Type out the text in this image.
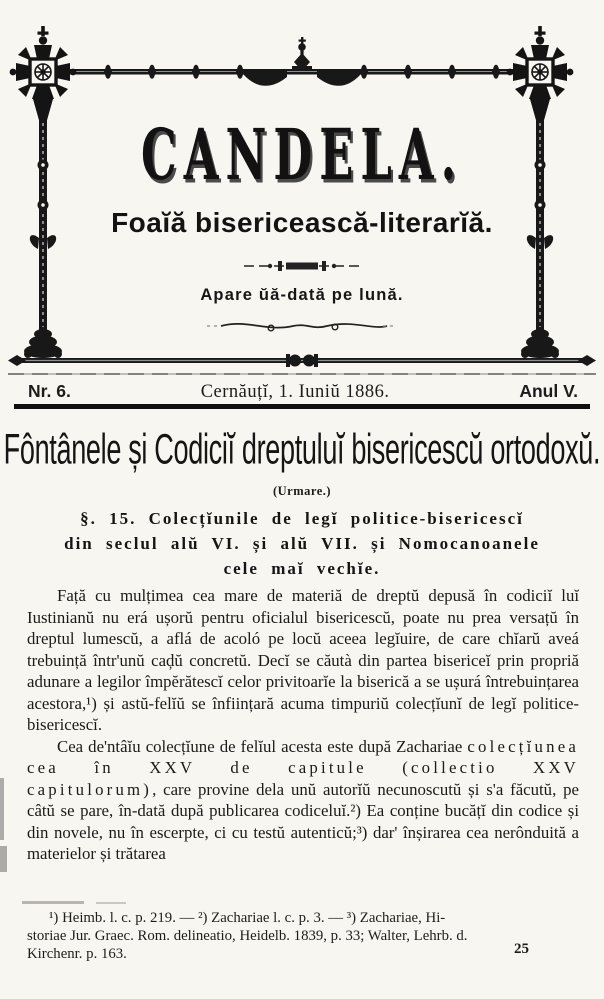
CANDELA.
Foaĭă bisericească-literarĭă.
Apare ŭă-dată pe lună.
Nr. 6.	Cernăuțĭ, 1. Iuniŭ 1886.	Anul V.
Fôntânele și Codiciĭ dreptuluĭ bisericescŭ ortodoxŭ.
(Urmare.)
§. 15. Colecțĭunile de legĭ politice-bisericescĭ
din seclul alŭ VI. și alŭ VII. și Nomocanoanele
cele maĭ vechĭe.

Față cu mulțimea cea mare de materiă de dreptŭ depusă în codiciĭ luĭ Iustinianŭ nu erá ușorŭ pentru oficialul bisericescŭ, poate nu prea versațŭ în dreptul lumescŭ, a aflá de acoló pe locŭ aceea legĭuire, de care chĭarŭ aveá trebuință într'unŭ caḑŭ concretŭ. Decĭ se căutà din partea bisericeĭ prin propriă adunare a legilor împĕrătescĭ celor privitoarĭe la biserică a se ușurá întrebuințarea acestora,¹) și astŭ-felĭŭ se înființară acuma timpuriŭ colecțĭunĭ de legĭ politice-bisericescĭ.

Cea de'ntâĭu colecțĭune de felĭul acesta este după Zachariae colecțĭunea cea în XXV de capitule (collectio XXV capitulorum), care provine dela unŭ autorĭŭ necunoscutŭ și s'a făcutŭ, pe câtŭ se pare, în-dată după publicarea codiceluĭ.²) Ea conține bucățĭ din codice și din novele, nu în escerpte, ci cu testŭ autenticŭ;³) dar' înșirarea cea nerônduită a materielor și trătarea

¹) Heimb. l. c. p. 219. — ²) Zachariae l. c. p. 3. — ³) Zachariae, Hi-
storiae Jur. Graec. Rom. delineatio, Heidelb. 1839, p. 33; Walter, Lehrb. d.
Kirchenr. p. 163.	25
